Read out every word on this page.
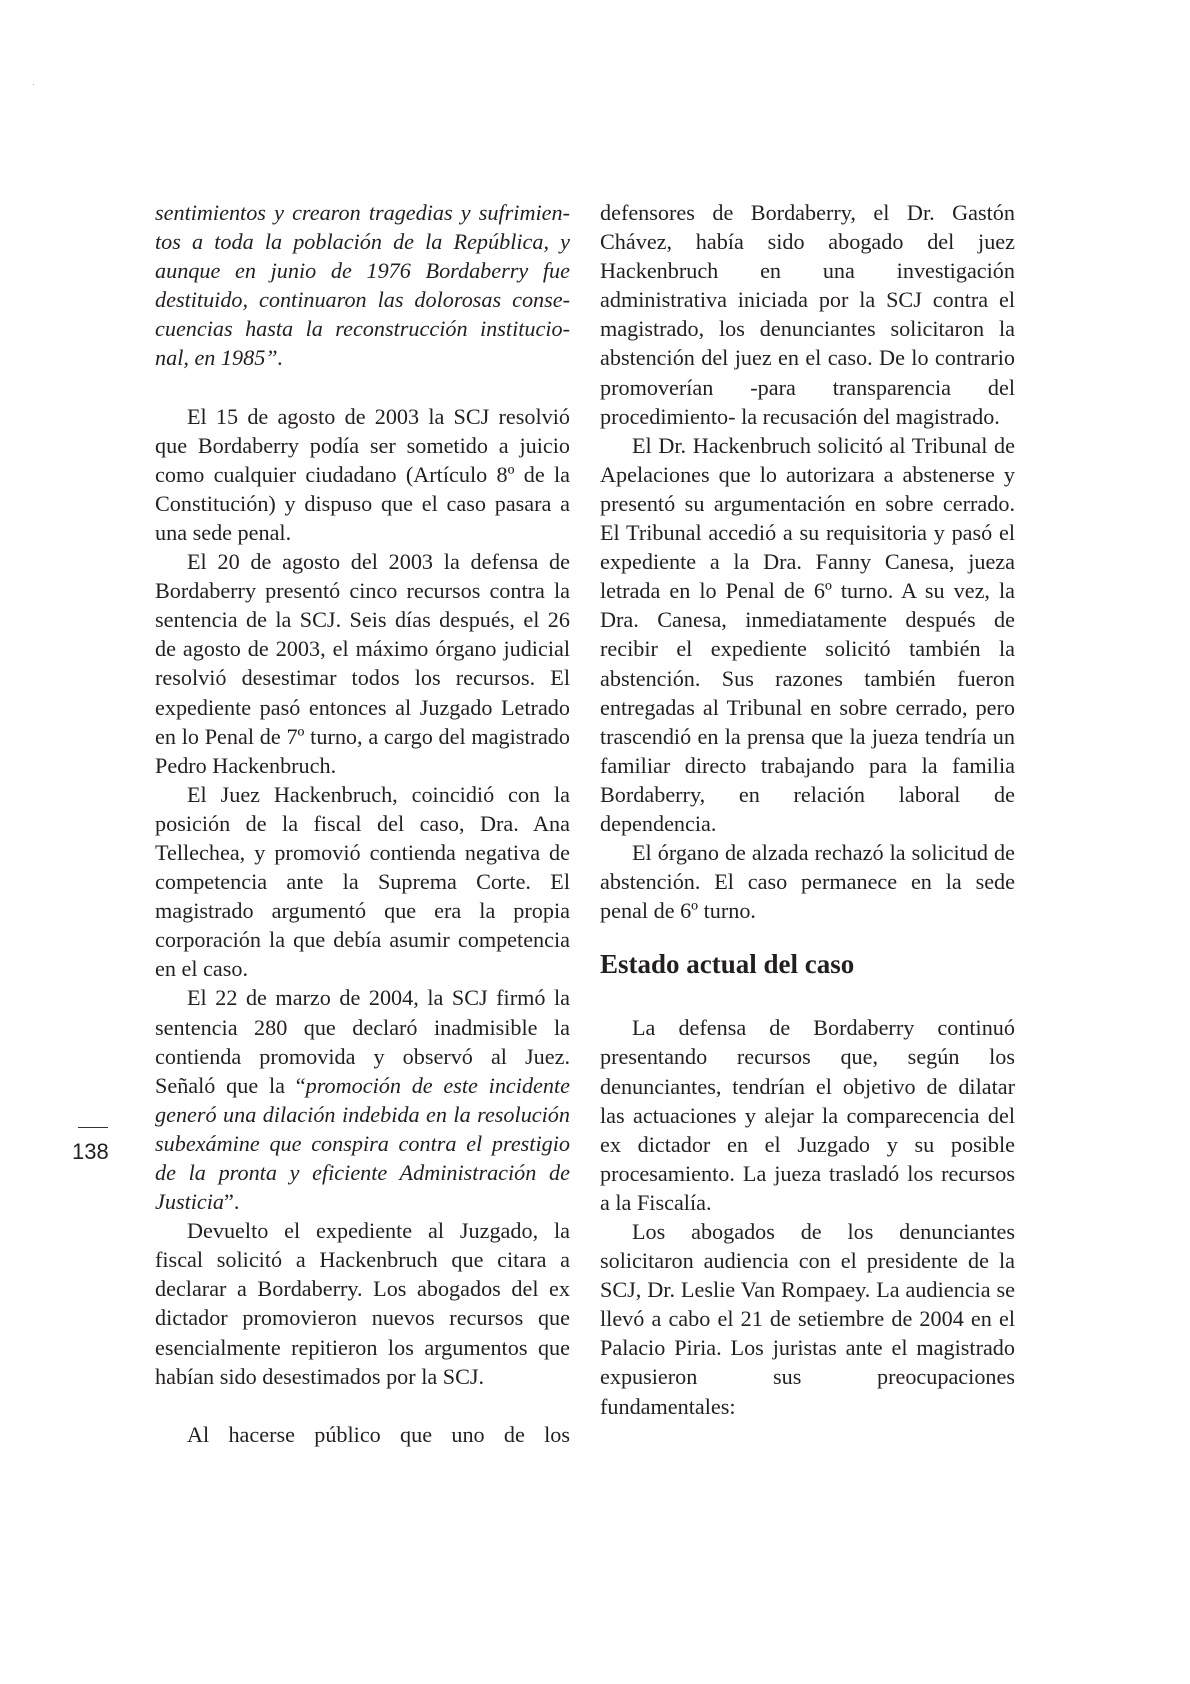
sentimientos y crearon tragedias y sufrimien-
tos a toda la población de la República, y
aunque en junio de 1976 Bordaberry fue
destituido, continuaron las dolorosas conse-
cuencias hasta la reconstrucción institucio-
nal, en 1985”.

El 15 de agosto de 2003 la SCJ resolvió que Bordaberry podía ser sometido a juicio como cualquier ciudadano (Artículo 8º de la Constitución) y dispuso que el caso pasara a una sede penal.

El 20 de agosto del 2003 la defensa de Bordaberry presentó cinco recursos contra la sentencia de la SCJ. Seis días después, el 26 de agosto de 2003, el máximo órgano judicial resolvió desestimar todos los recursos. El expediente pasó entonces al Juzgado Letrado en lo Penal de 7º turno, a cargo del magistrado Pedro Hackenbruch.

El Juez Hackenbruch, coincidió con la posición de la fiscal del caso, Dra. Ana Tellechea, y promovió contienda negativa de competencia ante la Suprema Corte. El magistrado argumentó que era la propia corporación la que debía asumir competencia en el caso.

El 22 de marzo de 2004, la SCJ firmó la sentencia 280 que declaró inadmisible la contienda promovida y observó al Juez. Señaló que la “promoción de este incidente generó una dilación indebida en la resolución subexámine que conspira contra el prestigio de la pronta y eficiente Administración de Justicia”.

Devuelto el expediente al Juzgado, la fiscal solicitó a Hackenbruch que citara a declarar a Bordaberry. Los abogados del ex dictador promovieron nuevos recursos que esencialmente repitieron los argumentos que habían sido desestimados por la SCJ.

Al hacerse público que uno de los

defensores de Bordaberry, el Dr. Gastón Chávez, había sido abogado del juez Hackenbruch en una investigación administrativa iniciada por la SCJ contra el magistrado, los denunciantes solicitaron la abstención del juez en el caso. De lo contrario promoverían -para transparencia del procedimiento- la recusación del magistrado.

El Dr. Hackenbruch solicitó al Tribunal de Apelaciones que lo autorizara a abstenerse y presentó su argumentación en sobre cerrado. El Tribunal accedió a su requisitoria y pasó el expediente a la Dra. Fanny Canesa, jueza letrada en lo Penal de 6º turno. A su vez, la Dra. Canesa, inmediatamente después de recibir el expediente solicitó también la abstención. Sus razones también fueron entregadas al Tribunal en sobre cerrado, pero trascendió en la prensa que la jueza tendría un familiar directo trabajando para la familia Bordaberry, en relación laboral de dependencia.

El órgano de alzada rechazó la solicitud de abstención. El caso permanece en la sede penal de 6º turno.

Estado actual del caso

La defensa de Bordaberry continuó presentando recursos que, según los denunciantes, tendrían el objetivo de dilatar las actuaciones y alejar la comparecencia del ex dictador en el Juzgado y su posible procesamiento. La jueza trasladó los recursos a la Fiscalía.

Los abogados de los denunciantes solicitaron audiencia con el presidente de la SCJ, Dr. Leslie Van Rompaey. La audiencia se llevó a cabo el 21 de setiembre de 2004 en el Palacio Piria. Los juristas ante el magistrado expusieron sus preocupaciones fundamentales:

138
